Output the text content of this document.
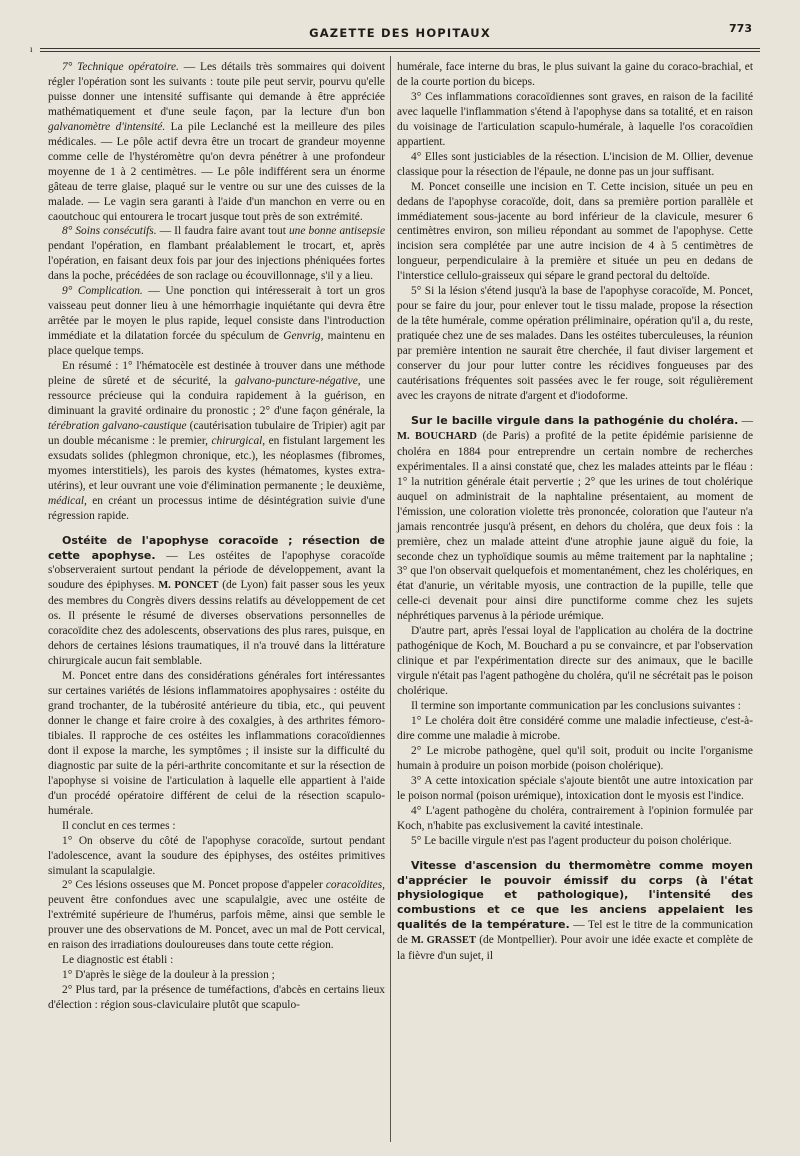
GAZETTE DES HOPITAUX	773
ı

7° Technique opératoire. — Les détails très sommaires qui doivent régler l'opération sont les suivants : toute pile peut servir, pourvu qu'elle puisse donner une intensité suffisante qui demande à être appréciée mathématiquement et d'une seule façon, par la lecture d'un bon galvanomètre d'intensité. La pile Leclanché est la meilleure des piles médicales. — Le pôle actif devra être un trocart de grandeur moyenne comme celle de l'hystéromètre qu'on devra pénétrer à une profondeur moyenne de 1 à 2 centimètres. — Le pôle indifférent sera un énorme gâteau de terre glaise, plaqué sur le ventre ou sur une des cuisses de la malade. — Le vagin sera garanti à l'aide d'un manchon en verre ou en caoutchouc qui entourera le trocart jusque tout près de son extrémité.

8° Soins consécutifs. — Il faudra faire avant tout une bonne antisepsie pendant l'opération, en flambant préalablement le trocart, et, après l'opération, en faisant deux fois par jour des injections phéniquées fortes dans la poche, précédées de son raclage ou écouvillonnage, s'il y a lieu.

9° Complication. — Une ponction qui intéresserait à tort un gros vaisseau peut donner lieu à une hémorrhagie inquiétante qui devra être arrêtée par le moyen le plus rapide, lequel consiste dans l'introduction immédiate et la dilatation forcée du spéculum de Genvrig, maintenu en place quelque temps.

En résumé : 1° l'hématocèle est destinée à trouver dans une méthode pleine de sûreté et de sécurité, la galvano-puncture-négative, une ressource précieuse qui la conduira rapidement à la guérison, en diminuant la gravité ordinaire du pronostic ; 2° d'une façon générale, la térébration galvano-caustique (cautérisation tubulaire de Tripier) agit par un double mécanisme : le premier, chirurgical, en fistulant largement les exsudats solides (phlegmon chronique, etc.), les néoplasmes (fibromes, myomes interstitiels), les parois des kystes (hématomes, kystes extra-utérins), et leur ouvrant une voie d'élimination permanente ; le deuxième, médical, en créant un processus intime de désintégration suivie d'une régression rapide.

Ostéite de l'apophyse coracoïde ; résection de cette apophyse. — Les ostéites de l'apophyse coracoïde s'observeraient surtout pendant la période de développement, avant la soudure des épiphyses. M. PONCET (de Lyon) fait passer sous les yeux des membres du Congrès divers dessins relatifs au développement de cet os. Il présente le résumé de diverses observations personnelles de coracoïdite chez des adolescents, observations des plus rares, puisque, en dehors de certaines lésions traumatiques, il n'a trouvé dans la littérature chirurgicale aucun fait semblable.

M. Poncet entre dans des considérations générales fort intéressantes sur certaines variétés de lésions inflammatoires apophysaires : ostéite du grand trochanter, de la tubérosité antérieure du tibia, etc., qui peuvent donner le change et faire croire à des coxalgies, à des arthrites fémoro-tibiales. Il rapproche de ces ostéites les inflammations coracoïdiennes dont il expose la marche, les symptômes ; il insiste sur la difficulté du diagnostic par suite de la péri-arthrite concomitante et sur la résection de l'apophyse si voisine de l'articulation à laquelle elle appartient à l'aide d'un procédé opératoire différent de celui de la résection scapulo-humérale.

Il conclut en ces termes :

1° On observe du côté de l'apophyse coracoïde, surtout pendant l'adolescence, avant la soudure des épiphyses, des ostéites primitives simulant la scapulalgie.

2° Ces lésions osseuses que M. Poncet propose d'appeler coracoïdites, peuvent être confondues avec une scapulalgie, avec une ostéite de l'extrémité supérieure de l'humérus, parfois même, ainsi que semble le prouver une des observations de M. Poncet, avec un mal de Pott cervical, en raison des irradiations douloureuses dans toute cette région.

Le diagnostic est établi :

1° D'après le siège de la douleur à la pression ;

2° Plus tard, par la présence de tuméfactions, d'abcès en certains lieux d'élection : région sous-claviculaire plutôt que scapulo-

humérale, face interne du bras, le plus suivant la gaine du coraco-brachial, et de la courte portion du biceps.

3° Ces inflammations coracoïdiennes sont graves, en raison de la facilité avec laquelle l'inflammation s'étend à l'apophyse dans sa totalité, et en raison du voisinage de l'articulation scapulo-humérale, à laquelle l'os coracoïdien appartient.

4° Elles sont justiciables de la résection. L'incision de M. Ollier, devenue classique pour la résection de l'épaule, ne donne pas un jour suffisant.

M. Poncet conseille une incision en T. Cette incision, située un peu en dedans de l'apophyse coracoïde, doit, dans sa première portion parallèle et immédiatement sous-jacente au bord inférieur de la clavicule, mesurer 6 centimètres environ, son milieu répondant au sommet de l'apophyse. Cette incision sera complétée par une autre incision de 4 à 5 centimètres de longueur, perpendiculaire à la première et située un peu en dedans de l'interstice cellulo-graisseux qui sépare le grand pectoral du deltoïde.

5° Si la lésion s'étend jusqu'à la base de l'apophyse coracoïde, M. Poncet, pour se faire du jour, pour enlever tout le tissu malade, propose la résection de la tête humérale, comme opération préliminaire, opération qu'il a, du reste, pratiquée chez une de ses malades. Dans les ostéites tuberculeuses, la réunion par première intention ne saurait être cherchée, il faut diviser largement et conserver du jour pour lutter contre les récidives fongueuses par des cautérisations fréquentes soit passées avec le fer rouge, soit régulièrement avec les crayons de nitrate d'argent et d'iodoforme.

Sur le bacille virgule dans la pathogénie du choléra. — M. BOUCHARD (de Paris) a profité de la petite épidémie parisienne de choléra en 1884 pour entreprendre un certain nombre de recherches expérimentales. Il a ainsi constaté que, chez les malades atteints par le fléau : 1° la nutrition générale était pervertie ; 2° que les urines de tout cholérique auquel on administrait de la naphtaline présentaient, au moment de l'émission, une coloration violette très prononcée, coloration que l'auteur n'a jamais rencontrée jusqu'à présent, en dehors du choléra, que deux fois : la première, chez un malade atteint d'une atrophie jaune aiguë du foie, la seconde chez un typhoïdique soumis au même traitement par la naphtaline ; 3° que l'on observait quelquefois et momentanément, chez les cholériques, en état d'anurie, un véritable myosis, une contraction de la pupille, telle que celle-ci devenait pour ainsi dire punctiforme comme chez les sujets néphrétiques parvenus à la période urémique.

D'autre part, après l'essai loyal de l'application au choléra de la doctrine pathogénique de Koch, M. Bouchard a pu se convaincre, et par l'observation clinique et par l'expérimentation directe sur des animaux, que le bacille virgule n'était pas l'agent pathogène du choléra, qu'il ne sécrétait pas le poison cholérique.

Il termine son importante communication par les conclusions suivantes :

1° Le choléra doit être considéré comme une maladie infectieuse, c'est-à-dire comme une maladie à microbe.

2° Le microbe pathogène, quel qu'il soit, produit ou incite l'organisme humain à produire un poison morbide (poison cholérique).

3° A cette intoxication spéciale s'ajoute bientôt une autre intoxication par le poison normal (poison urémique), intoxication dont le myosis est l'indice.

4° L'agent pathogène du choléra, contrairement à l'opinion formulée par Koch, n'habite pas exclusivement la cavité intestinale.

5° Le bacille virgule n'est pas l'agent producteur du poison cholérique.

Vitesse d'ascension du thermomètre comme moyen d'apprécier le pouvoir émissif du corps (à l'état physiologique et pathologique), l'intensité des combustions et ce que les anciens appelaient les qualités de la température. — Tel est le titre de la communication de M. GRASSET (de Montpellier). Pour avoir une idée exacte et complète de la fièvre d'un sujet, il
